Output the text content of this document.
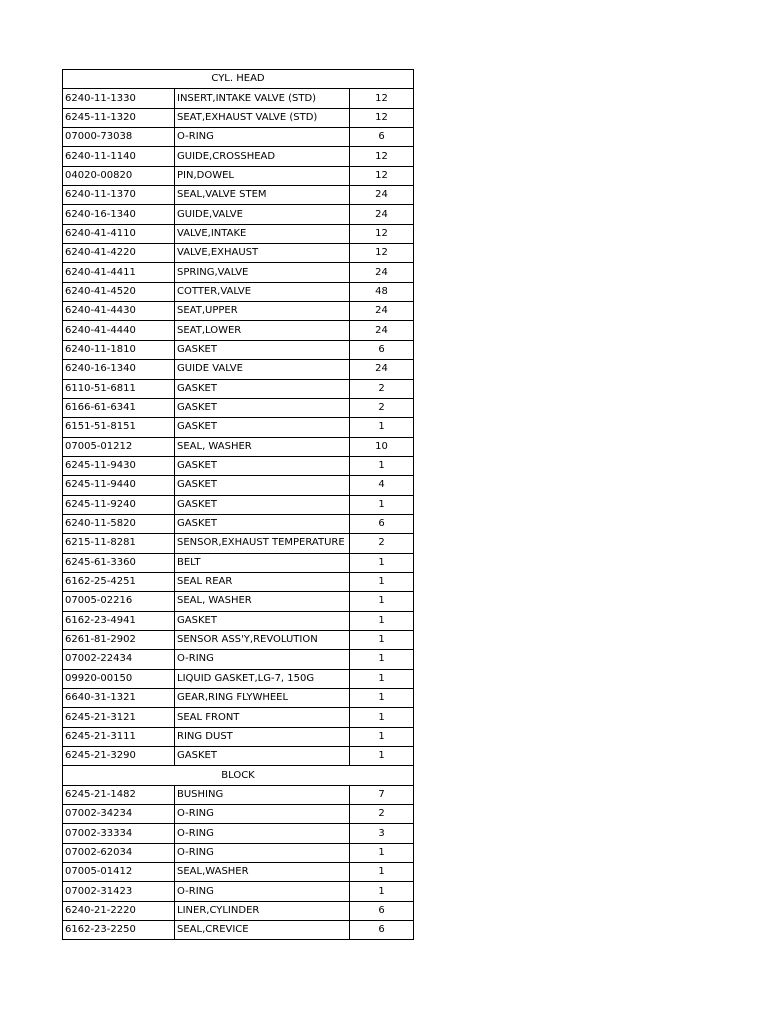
CYL. HEAD		
6240-11-1330	INSERT,INTAKE VALVE (STD)	12
6245-11-1320	SEAT,EXHAUST VALVE (STD)	12
07000-73038	O-RING	6
6240-11-1140	GUIDE,CROSSHEAD	12
04020-00820	PIN,DOWEL	12
6240-11-1370	SEAL,VALVE STEM	24
6240-16-1340	GUIDE,VALVE	24
6240-41-4110	VALVE,INTAKE	12
6240-41-4220	VALVE,EXHAUST	12
6240-41-4411	SPRING,VALVE	24
6240-41-4520	COTTER,VALVE	48
6240-41-4430	SEAT,UPPER	24
6240-41-4440	SEAT,LOWER	24
6240-11-1810	GASKET	6
6240-16-1340	GUIDE VALVE	24
6110-51-6811	GASKET	2
6166-61-6341	GASKET	2
6151-51-8151	GASKET	1
07005-01212	SEAL, WASHER	10
6245-11-9430	GASKET	1
6245-11-9440	GASKET	4
6245-11-9240	GASKET	1
6240-11-5820	GASKET	6
6215-11-8281	SENSOR,EXHAUST TEMPERATURE	2
6245-61-3360	BELT	1
6162-25-4251	SEAL REAR	1
07005-02216	SEAL, WASHER	1
6162-23-4941	GASKET	1
6261-81-2902	SENSOR ASS'Y,REVOLUTION	1
07002-22434	O-RING	1
09920-00150	LIQUID GASKET,LG-7, 150G	1
6640-31-1321	GEAR,RING FLYWHEEL	1
6245-21-3121	SEAL FRONT	1
6245-21-3111	RING DUST	1
6245-21-3290	GASKET	1
BLOCK		
6245-21-1482	BUSHING	7
07002-34234	O-RING	2
07002-33334	O-RING	3
07002-62034	O-RING	1
07005-01412	SEAL,WASHER	1
07002-31423	O-RING	1
6240-21-2220	LINER,CYLINDER	6
6162-23-2250	SEAL,CREVICE	6
